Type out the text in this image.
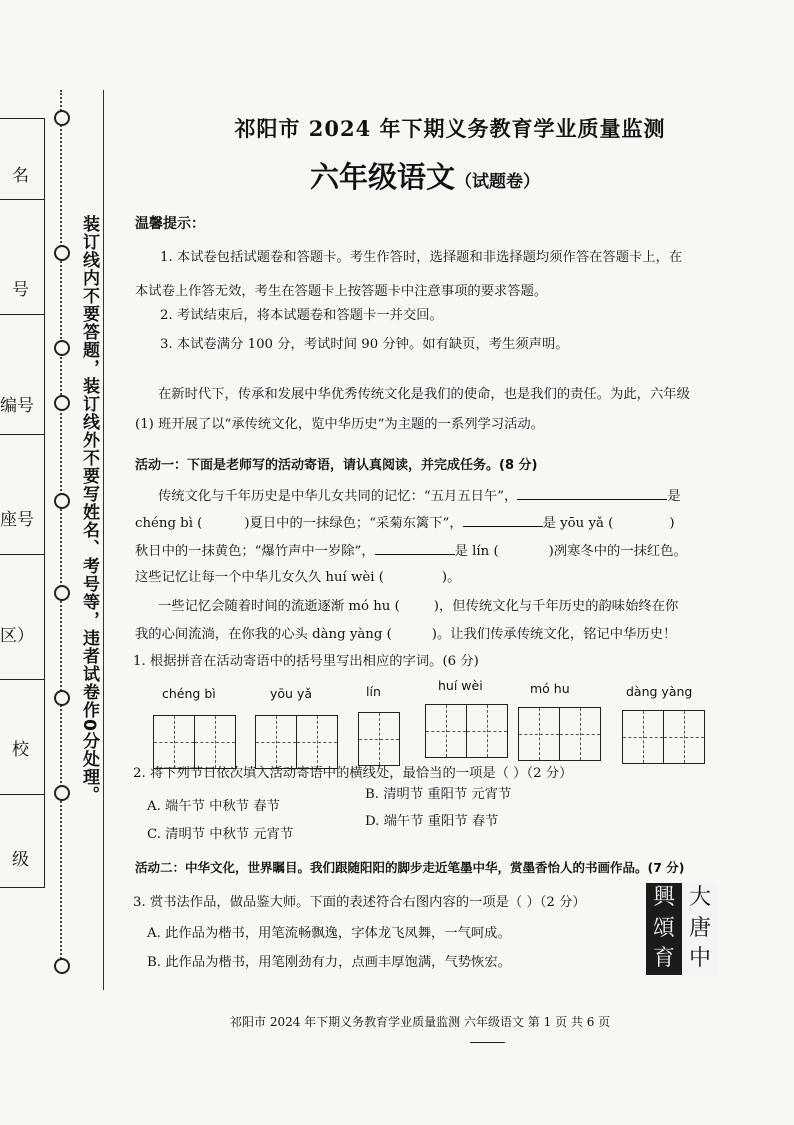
名
号
编号
座号
区）
校
级
装订线内不要答题，装订线外不要写姓名、考号等，违者试卷作0分处理。
祁阳市 2024 年下期义务教育学业质量监测
六年级语文（试题卷）
温馨提示：
1. 本试卷包括试题卷和答题卡。考生作答时，选择题和非选择题均须作答在答题卡上，在
本试卷上作答无效，考生在答题卡上按答题卡中注意事项的要求答题。
2. 考试结束后，将本试题卷和答题卡一并交回。
3. 本试卷满分 100 分，考试时间 90 分钟。如有缺页，考生须声明。
在新时代下，传承和发展中华优秀传统文化是我们的使命，也是我们的责任。为此，六年级
(1) 班开展了以“承传统文化，览中华历史”为主题的一系列学习活动。
活动一：下面是老师写的活动寄语，请认真阅读，并完成任务。(8 分)
传统文化与千年历史是中华儿女共同的记忆：“五月五日午”，	是
chéng bì (	)夏日中的一抹绿色；“采菊东篱下”，	是 yōu yǎ (	)
秋日中的一抹黄色；“爆竹声中一岁除”，	是 lín (	)冽寒冬中的一抹红色。
这些记忆让每一个中华儿女久久 huí wèi (	)。
一些记忆会随着时间的流逝逐渐 mó hu (	)，但传统文化与千年历史的韵味始终在你
我的心间流淌，在你我的心头 dàng yàng (	)。让我们传承传统文化，铭记中华历史！
1. 根据拼音在活动寄语中的括号里写出相应的字词。(6 分)
chéng bì	yōu yǎ	lín	huí wèi	mó hu	dàng yàng
2. 将下列节日依次填入活动寄语中的横线处，最恰当的一项是（ ）（2 分）
A. 端午节 中秋节 春节
B. 清明节 重阳节 元宵节
C. 清明节 中秋节 元宵节
D. 端午节 重阳节 春节
活动二：中华文化，世界瞩目。我们跟随阳阳的脚步走近笔墨中华，赏墨香怡人的书画作品。(7 分)
3. 赏书法作品，做品鉴大师。下面的表述符合右图内容的一项是（ ）（2 分）
A. 此作品为楷书，用笔流畅飘逸，字体龙飞凤舞，一气呵成。
B. 此作品为楷书，用笔刚劲有力，点画丰厚饱满，气势恢宏。
興 大
頌 唐
育 中
祁阳市 2024 年下期义务教育学业质量监测 六年级语文 第 1 页 共 6 页
